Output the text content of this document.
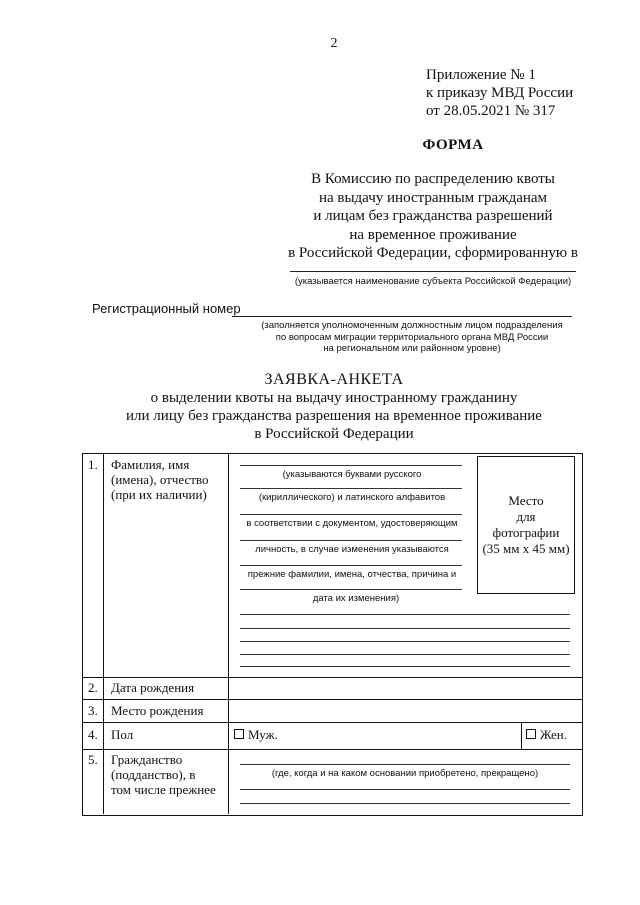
2
Приложение № 1
к приказу МВД России
от 28.05.2021 № 317
ФОРМА
В Комиссию по распределению квоты
на выдачу иностранным гражданам
и лицам без гражданства разрешений
на временное проживание
в Российской Федерации, сформированную в
(указывается наименование субъекта Российской Федерации)
Регистрационный номер
(заполняется уполномоченным должностным лицом подразделения
по вопросам миграции территориального органа МВД России
на региональном или районном уровне)
ЗАЯВКА-АНКЕТА
о выделении квоты на выдачу иностранному гражданину
или лицу без гражданства разрешения на временное проживание
в Российской Федерации
1. Фамилия, имя
(имена), отчество
(при их наличии)
(указываются буквами русского
(кириллического) и латинского алфавитов
в соответствии с документом, удостоверяющим
личность, в случае изменения указываются
прежние фамилии, имена, отчества, причина и
дата их изменения)
Место
для
фотографии
(35 мм х 45 мм)
2. Дата рождения
3. Место рождения
4. Пол	Муж.	Жен.
5. Гражданство
(подданство), в
том числе прежнее
(где, когда и на каком основании приобретено, прекращено)
